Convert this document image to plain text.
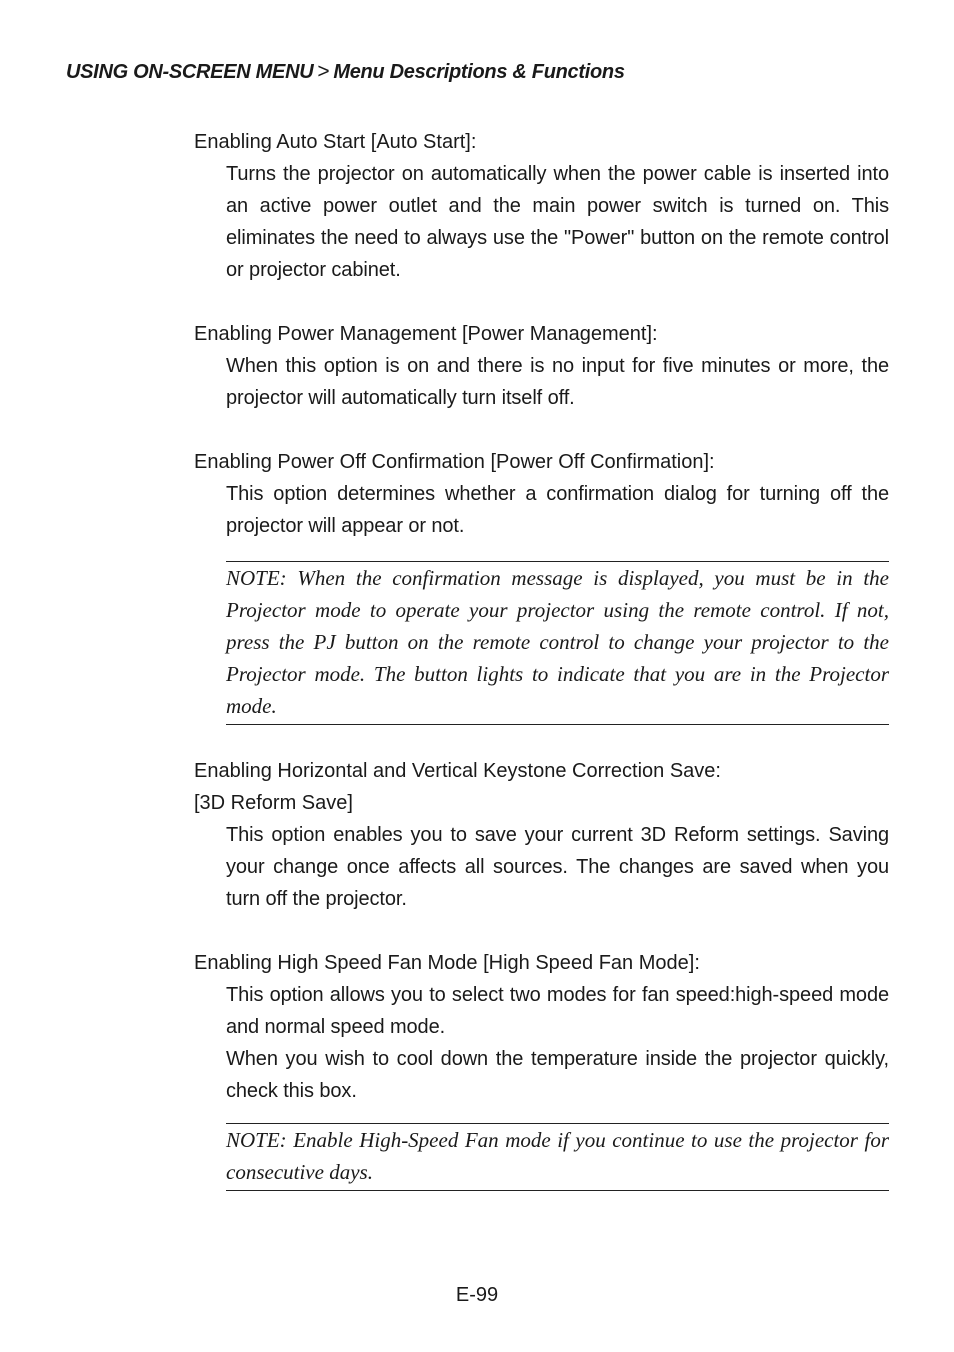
USING ON-SCREEN MENU > Menu Descriptions & Functions

Enabling Auto Start [Auto Start]:

Turns the projector on automatically when the power cable is inserted into an active power outlet and the main power switch is turned on. This eliminates the need to always use the "Power" button on the remote control or projector cabinet.

Enabling Power Management [Power Management]:

When this option is on and there is no input for five minutes or more, the projector will automatically turn itself off.

Enabling Power Off Confirmation [Power Off Confirmation]:

This option determines whether a confirmation dialog for turning off the projector will appear or not.

NOTE: When the confirmation message is displayed, you must be in the Projector mode to operate your projector using the remote control. If not, press the PJ button on the remote control to change your projector to the Projector mode. The button lights to indicate that you are in the Projector mode.

Enabling Horizontal and Vertical Keystone Correction Save:

[3D Reform Save]

This option enables you to save your current 3D Reform settings. Saving your change once affects all sources. The changes are saved when you turn off the projector.

Enabling High Speed Fan Mode [High Speed Fan Mode]:

This option allows you to select two modes for fan speed:high-speed mode and normal speed mode.

When you wish to cool down the temperature inside the projector quickly, check this box.

NOTE: Enable High-Speed Fan mode if you continue to use the projector for consecutive days.
E-99
